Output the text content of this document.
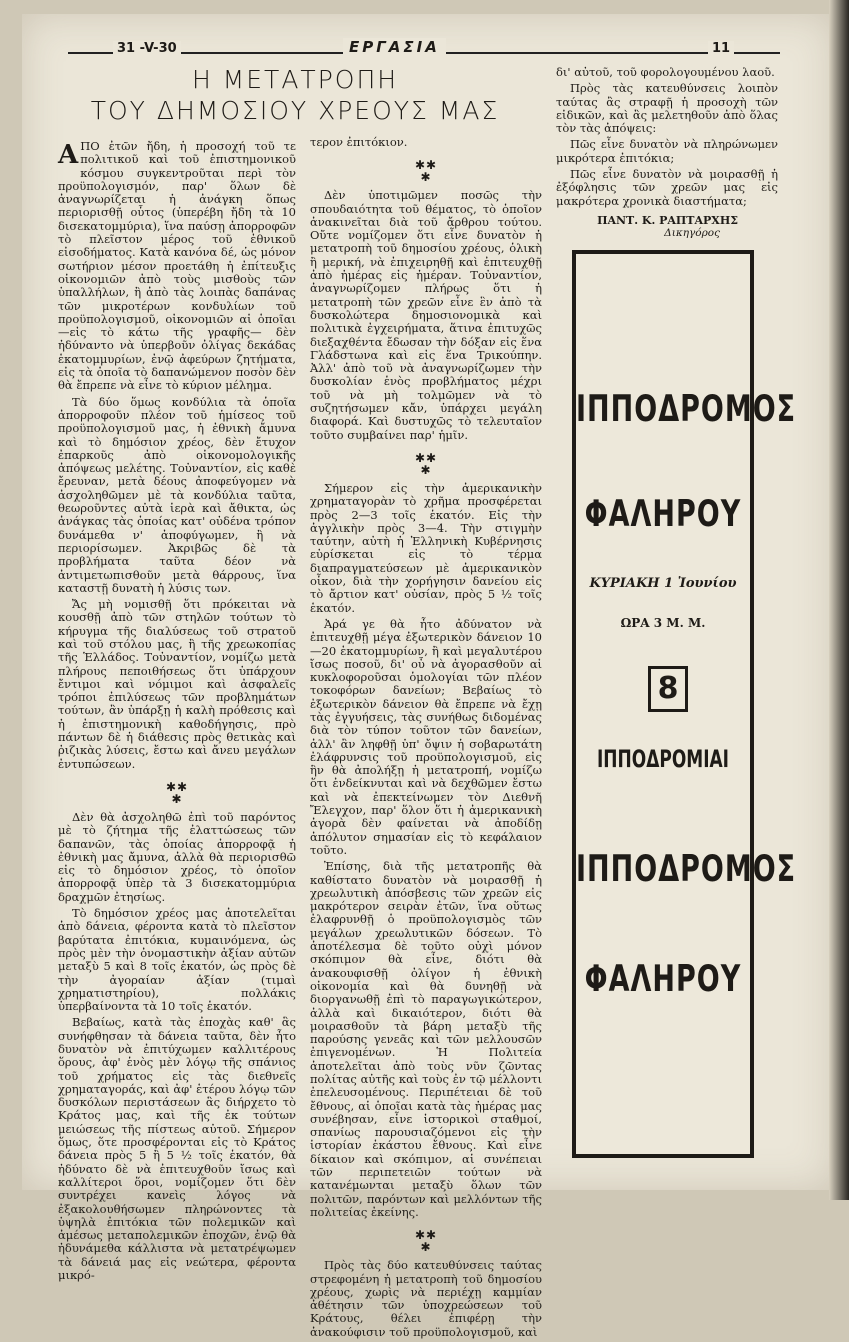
31 -V-30	ΕΡΓΑΣΙΑ	11
Η ΜΕΤΑΤΡΟΠΗ
ΤΟΥ ΔΗΜΟΣΙΟΥ ΧΡΕΟΥΣ ΜΑΣ

ΑΠΟ ἐτῶν ἤδη, ἡ προσοχή τοῦ τε πολιτικοῦ καὶ τοῦ ἐπιστημονικοῦ κόσμου συγκεντροῦται περὶ τὸν προϋπολογισμόν, παρ' ὅλων δὲ ἀναγνωρίζεται ἡ ἀνάγκη ὅπως περιορισθῇ οὗτος (ὑπερέβη ἤδη τὰ 10 δισεκατομμύρια), ἵνα παύσῃ ἀπορροφῶν τὸ πλεῖστον μέρος τοῦ ἐθνικοῦ εἰσοδήματος. Κατὰ κανόνα δέ, ὡς μόνον σωτήριον μέσον προετάθη ἡ ἐπίτευξις οἰκονομιῶν ἀπὸ τοὺς μισθοὺς τῶν ὑπαλλήλων, ἢ ἀπὸ τὰς λοιπὰς δαπάνας τῶν μικροτέρων κονδυλίων τοῦ προϋπολογισμοῦ, οἰκονομιῶν αἱ ὁποῖαι —εἰς τὸ κάτω τῆς γραφῆς— δὲν ἠδύναντο νὰ ὑπερβοῦν ὀλίγας δεκάδας ἑκατομμυρίων, ἐνῷ ἀφεύρων ζητήματα, εἰς τὰ ὁποῖα τὸ δαπανώμενον ποσὸν δὲν θὰ ἔπρεπε νὰ εἶνε τὸ κύριον μέλημα.

Τὰ δύο ὅμως κονδύλια τὰ ὁποῖα ἀπορροφοῦν πλέον τοῦ ἡμίσεος τοῦ προϋπολογισμοῦ μας, ἡ ἐθνικὴ ἄμυνα καὶ τὸ δημόσιον χρέος, δὲν ἔτυχον ἐπαρκοῦς ἀπὸ οἰκονομολογικῆς ἀπόψεως μελέτης. Τοὐναντίον, εἰς καθὲ ἔρευναν, μετὰ δέους ἀποφεύγομεν νὰ ἀσχοληθῶμεν μὲ τὰ κονδύλια ταῦτα, θεωροῦντες αὐτὰ ἱερὰ καὶ ἄθικτα, ὡς ἀνάγκας τὰς ὁποίας κατ' οὐδένα τρόπον δυνάμεθα ν' ἀποφύγωμεν, ἢ νὰ περιορίσωμεν. Ἀκριβῶς δὲ τὰ προβλήματα ταῦτα δέον νὰ ἀντιμετωπισθοῦν μετὰ θάρρους, ἵνα καταστῇ δυνατὴ ἡ λύσις των.

Ἄς μὴ νομισθῇ ὅτι πρόκειται νὰ κουσθῇ ἀπὸ τῶν στηλῶν τούτων τὸ κήρυγμα τῆς διαλύσεως τοῦ στρατοῦ καὶ τοῦ στόλου μας, ἢ τῆς χρεωκοπίας τῆς Ἑλλάδος. Τοὐναντίον, νομίζω μετὰ πλήρους πεποιθήσεως ὅτι ὑπάρχουν ἔντιμοι καὶ νόμιμοι καὶ ἀσφαλεῖς τρόποι ἐπιλύσεως τῶν προβλημάτων τούτων, ἂν ὑπάρξῃ ἡ καλὴ πρόθεσις καὶ ἡ ἐπιστημονικὴ καθοδήγησις, πρὸ πάντων δὲ ἡ διάθεσις πρὸς θετικὰς καὶ ῥιζικὰς λύσεις, ἔστω καὶ ἄνευ μεγάλων ἐντυπώσεων.

✱✱
✱

Δὲν θὰ ἀσχοληθῶ ἐπὶ τοῦ παρόντος μὲ τὸ ζήτημα τῆς ἐλαττώσεως τῶν δαπανῶν, τὰς ὁποίας ἀπορροφᾷ ἡ ἐθνικὴ μας ἄμυνα, ἀλλὰ θὰ περιορισθῶ εἰς τὸ δημόσιον χρέος, τὸ ὁποῖον ἀπορροφᾷ ὑπὲρ τὰ 3 δισεκατομμύρια δραχμῶν ἐτησίως.

Τὸ δημόσιον χρέος μας ἀποτελεῖται ἀπὸ δάνεια, φέροντα κατὰ τὸ πλεῖστον βαρύτατα ἐπιτόκια, κυμαινόμενα, ὡς πρὸς μὲν τὴν ὀνομαστικὴν ἀξίαν αὐτῶν μεταξὺ 5 καὶ 8 τοῖς ἑκατόν, ὡς πρὸς δὲ τὴν ἀγοραίαν ἀξίαν (τιμαὶ χρηματιστηρίου), πολλάκις ὑπερβαίνοντα τὰ 10 τοῖς ἑκατόν.

Βεβαίως, κατὰ τὰς ἐποχὰς καθ' ἃς συνήφθησαν τὰ δάνεια ταῦτα, δὲν ἦτο δυνατὸν νὰ ἐπιτύχωμεν καλλιτέρους ὅρους, ἀφ' ἑνὸς μὲν λόγῳ τῆς σπάνιος τοῦ χρήματος εἰς τὰς διεθνεῖς χρηματαγοράς, καὶ ἀφ' ἑτέρου λόγῳ τῶν δυσκόλων περιστάσεων ἃς διήρχετο τὸ Κράτος μας, καὶ τῆς ἐκ τούτων μειώσεως τῆς πίστεως αὐτοῦ. Σήμερον ὅμως, ὅτε προσφέρονται εἰς τὸ Κράτος δάνεια πρὸς 5 ἢ 5 ½ τοῖς ἑκατόν, θὰ ἠδύνατο δὲ νὰ ἐπιτευχθοῦν ἴσως καὶ καλλίτεροι ὅροι, νομίζομεν ὅτι δὲν συντρέχει κανεὶς λόγος νὰ ἐξακολουθήσωμεν πληρώνοντες τὰ ὑψηλὰ ἐπιτόκια τῶν πολεμικῶν καὶ ἀμέσως μεταπολεμικῶν ἐποχῶν, ἐνῷ θὰ ἠδυνάμεθα κάλλιστα νὰ μετατρέψωμεν τὰ δάνειά μας εἰς νεώτερα, φέροντα μικρό-

τερον ἐπιτόκιον.

✱✱
✱

Δὲν ὑποτιμῶμεν ποσῶς τὴν σπουδαιότητα τοῦ θέματος, τὸ ὁποῖον ἀνακινεῖται διὰ τοῦ ἄρθρου τούτου. Οὔτε νομίζομεν ὅτι εἶνε δυνατὸν ἡ μετατροπὴ τοῦ δημοσίου χρέους, ὁλικὴ ἢ μερική, νὰ ἐπιχειρηθῇ καὶ ἐπιτευχθῇ ἀπὸ ἡμέρας εἰς ἡμέραν. Τοὐναντίον, ἀναγνωρίζομεν πλήρως ὅτι ἡ μετατροπὴ τῶν χρεῶν εἶνε ἓν ἀπὸ τὰ δυσκολώτερα δημοσιονομικὰ καὶ πολιτικὰ ἐγχειρήματα, ἅτινα ἐπιτυχῶς διεξαχθέντα ἔδωσαν τὴν δόξαν εἰς ἕνα Γλάδστωνα καὶ εἰς ἕνα Τρικούπην. Ἀλλ' ἀπὸ τοῦ νὰ ἀναγνωρίζωμεν τὴν δυσκολίαν ἑνὸς προβλήματος μέχρι τοῦ νὰ μὴ τολμῶμεν νὰ τὸ συζητήσωμεν κἄν, ὑπάρχει μεγάλη διαφορά. Καὶ δυστυχῶς τὸ τελευταῖον τοῦτο συμβαίνει παρ' ἡμῖν.

✱✱
✱

Σήμερον εἰς τὴν ἀμερικανικὴν χρηματαγορὰν τὸ χρῆμα προσφέρεται πρὸς 2—3 τοῖς ἑκατόν. Εἰς τὴν ἀγγλικὴν πρὸς 3—4. Τὴν στιγμὴν ταύτην, αὐτὴ ἡ Ἑλληνικὴ Κυβέρνησις εὑρίσκεται εἰς τὸ τέρμα διαπραγματεύσεων μὲ ἀμερικανικὸν οἶκον, διὰ τὴν χορήγησιν δανείου εἰς τὸ ἄρτιον κατ' οὐσίαν, πρὸς 5 ½ τοῖς ἑκατόν.

Ἀρά γε θὰ ἦτο ἀδύνατον νὰ ἐπιτευχθῇ μέγα ἐξωτερικὸν δάνειον 10—20 ἑκατομμυρίων, ἢ καὶ μεγαλυτέρου ἴσως ποσοῦ, δι' οὗ νὰ ἀγορασθοῦν αἱ κυκλοφοροῦσαι ὁμολογίαι τῶν πλέον τοκοφόρων δανείων; Βεβαίως τὸ ἐξωτερικὸν δάνειον θὰ ἔπρεπε νὰ ἔχῃ τὰς ἐγγυήσεις, τὰς συνήθως διδομένας διὰ τὸν τύπον τοῦτον τῶν δανείων, ἀλλ' ἂν ληφθῇ ὑπ' ὄψιν ἡ σοβαρωτάτη ἐλάφρυνσις τοῦ προϋπολογισμοῦ, εἰς ἣν θὰ ἀπολήξῃ ἡ μετατροπή, νομίζω ὅτι ἐνδείκνυται καὶ νὰ δεχθῶμεν ἔστω καὶ νὰ ἐπεκτείνωμεν τὸν Διεθνῆ Ἔλεγχον, παρ' ὅλον ὅτι ἡ ἀμερικανικὴ ἀγορὰ δὲν φαίνεται νὰ ἀποδίδῃ ἀπόλυτον σημασίαν εἰς τὸ κεφάλαιον τοῦτο.

Ἐπίσης, διὰ τῆς μετατροπῆς θὰ καθίστατο δυνατὸν νὰ μοιρασθῇ ἡ χρεωλυτικὴ ἀπόσβεσις τῶν χρεῶν εἰς μακρότερον σειρὰν ἐτῶν, ἵνα οὕτως ἐλαφρυνθῇ ὁ προϋπολογισμὸς τῶν μεγάλων χρεωλυτικῶν δόσεων. Τὸ ἀποτέλεσμα δὲ τοῦτο οὐχὶ μόνον σκόπιμον θὰ εἶνε, διότι θὰ ἀνακουφισθῇ ὀλίγον ἡ ἐθνικὴ οἰκονομία καὶ θὰ δυνηθῇ νὰ διοργανωθῇ ἐπὶ τὸ παραγωγικώτερον, ἀλλὰ καὶ δικαιότερον, διότι θὰ μοιρασθοῦν τὰ βάρη μεταξὺ τῆς παρούσης γενεᾶς καὶ τῶν μελλουσῶν ἐπιγενομένων. Ἡ Πολιτεία ἀποτελεῖται ἀπὸ τοὺς νῦν ζῶντας πολίτας αὐτῆς καὶ τοὺς ἐν τῷ μέλλοντι ἐπελευσομένους. Περιπέτειαι δὲ τοῦ ἔθνους, αἱ ὁποῖαι κατὰ τὰς ἡμέρας μας συνέβησαν, εἶνε ἱστορικοὶ σταθμοί, σπανίως παρουσιαζόμενοι εἰς τὴν ἱστορίαν ἑκάστου ἔθνους. Καὶ εἶνε δίκαιον καὶ σκόπιμον, αἱ συνέπειαι τῶν περιπετειῶν τούτων νὰ κατανέμωνται μεταξὺ ὅλων τῶν πολιτῶν, παρόντων καὶ μελλόντων τῆς πολιτείας ἐκείνης.

✱✱
✱

Πρὸς τὰς δύο κατευθύνσεις ταύτας στρεφομένη ἡ μετατροπὴ τοῦ δημοσίου χρέους, χωρὶς νὰ περιέχῃ καμμίαν ἀθέτησιν τῶν ὑποχρεώσεων τοῦ Κράτους, θέλει ἐπιφέρῃ τὴν ἀνακούφισιν τοῦ προϋπολογισμοῦ, καὶ

δι' αὐτοῦ, τοῦ φορολογουμένου λαοῦ.

Πρὸς τὰς κατευθύνσεις λοιπὸν ταύτας ἂς στραφῇ ἡ προσοχὴ τῶν εἰδικῶν, καὶ ἂς μελετηθοῦν ἀπὸ ὅλας τὸν τὰς ἀπόψεις:

Πῶς εἶνε δυνατὸν νὰ πληρώνωμεν μικρότερα ἐπιτόκια;

Πῶς εἶνε δυνατὸν νὰ μοιρασθῇ ἡ ἐξόφλησις τῶν χρεῶν μας εἰς μακρότερα χρονικὰ διαστήματα;

ΠΑΝΤ. Κ. ΡΑΠΤΑΡΧΗΣ
Δικηγόρος
ΙΠΠΟΔΡΟΜΟΣ
ΦΑΛΗΡΟΥ
ΚΥΡΙΑΚΗ 1 Ἰουνίου
ΩΡΑ 3 Μ. Μ.
8
ΙΠΠΟΔΡΟΜΙΑΙ
ΙΠΠΟΔΡΟΜΟΣ
ΦΑΛΗΡΟΥ
